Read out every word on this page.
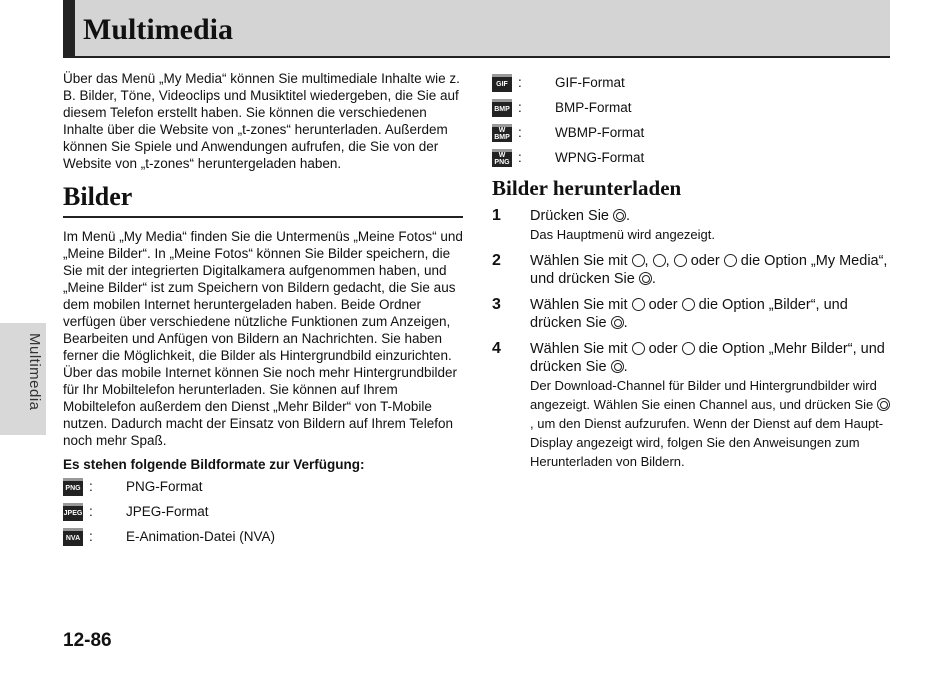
Multimedia
Multimedia

Über das Menü „My Media“ können Sie multimediale Inhalte wie z. B. Bilder, Töne, Videoclips und Musiktitel wiedergeben, die Sie auf diesem Telefon erstellt haben. Sie können die verschiedenen Inhalte über die Website von „t-zones“ herunterladen. Außerdem können Sie Spiele und Anwendungen aufrufen, die Sie von der Website von „t-zones“ heruntergeladen haben.

Bilder

Im Menü „My Media“ finden Sie die Untermenüs „Meine Fotos“ und „Meine Bilder“. In „Meine Fotos“ können Sie Bilder speichern, die Sie mit der integrierten Digitalkamera aufgenommen haben, und „Meine Bilder“ ist zum Speichern von Bildern gedacht, die Sie aus dem mobilen Internet heruntergeladen haben. Beide Ordner verfügen über verschiedene nützliche Funktionen zum Anzeigen, Bearbeiten und Anfügen von Bildern an Nachrichten. Sie haben ferner die Möglichkeit, die Bilder als Hintergrundbild einzurichten. Über das mobile Internet können Sie noch mehr Hintergrundbilder für Ihr Mobiltelefon herunterladen. Sie können auf Ihrem Mobiltelefon außerdem den Dienst „Mehr Bilder“ von T-Mobile nutzen. Dadurch macht der Einsatz von Bildern auf Ihrem Telefon noch mehr Spaß.

Es stehen folgende Bildformate zur Verfügung:
PNG :	PNG-Format
JPEG :	JPEG-Format
NVA :	E-Animation-Datei (NVA)
GIF :	GIF-Format
BMP :	BMP-Format
W BMP :	WBMP-Format
W PNG :	WPNG-Format
Bilder herunterladen
1	Drücken Sie .
Das Hauptmenü wird angezeigt.
2	Wählen Sie mit , ,  oder  die Option „My Media“, und drücken Sie .
3	Wählen Sie mit  oder  die Option „Bilder“, und drücken Sie .
4	Wählen Sie mit  oder  die Option „Mehr Bilder“, und drücken Sie .
Der Download-Channel für Bilder und Hintergrundbilder wird angezeigt. Wählen Sie einen Channel aus, und drücken Sie , um den Dienst aufzurufen. Wenn der Dienst auf dem Haupt-Display angezeigt wird, folgen Sie den Anweisungen zum Herunterladen von Bildern.
12-86
